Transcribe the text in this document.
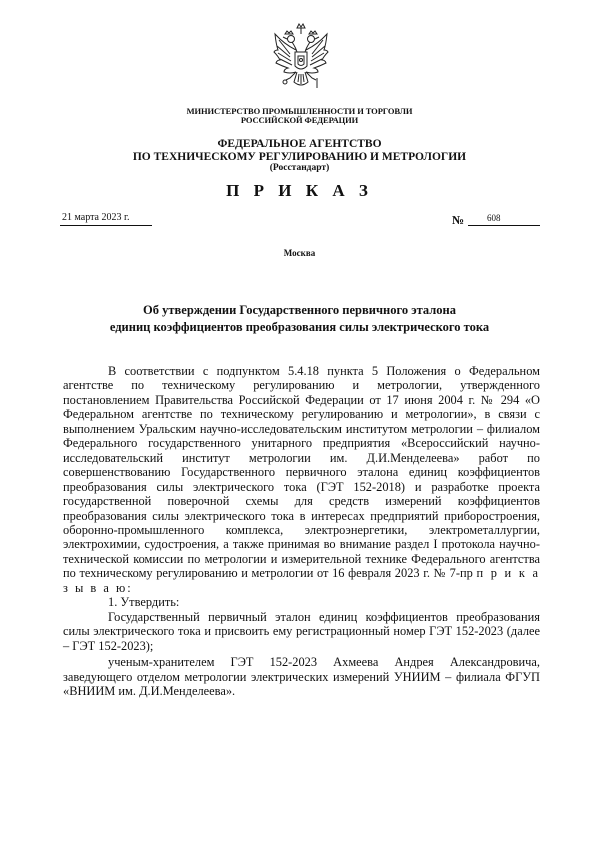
МИНИСТЕРСТВО ПРОМЫШЛЕННОСТИ И ТОРГОВЛИ
РОССИЙСКОЙ ФЕДЕРАЦИИ
ФЕДЕРАЛЬНОЕ АГЕНТСТВО
ПО ТЕХНИЧЕСКОМУ РЕГУЛИРОВАНИЮ И МЕТРОЛОГИИ
(Росстандарт)
П Р И К А З
21 марта 2023 г.	№	608
Москва
Об утверждении Государственного первичного эталона
единиц коэффициентов преобразования силы электрического тока

В соответствии с подпунктом 5.4.18 пункта 5 Положения о Федеральном агентстве по техническому регулированию и метрологии, утвержденного постановлением Правительства Российской Федерации от 17 июня 2004 г. № 294 «О Федеральном агентстве по техническому регулированию и метрологии», в связи с выполнением Уральским научно-исследовательским институтом метрологии – филиалом Федерального государственного унитарного предприятия «Всероссийский научно-исследовательский институт метрологии им. Д.И.Менделеева» работ по совершенствованию Государственного первичного эталона единиц коэффициентов преобразования силы электрического тока (ГЭТ 152-2018) и разработке проекта государственной поверочной схемы для средств измерений коэффициентов преобразования силы электрического тока в интересах предприятий приборостроения, оборонно-промышленного комплекса, электроэнергетики, электрометаллургии, электрохимии, судостроения, а также принимая во внимание раздел I протокола научно-технической комиссии по метрологии и измерительной технике Федерального агентства по техническому регулированию и метрологии от 16 февраля 2023 г. № 7-пр п р и к а з ы в а ю:

1. Утвердить:

Государственный первичный эталон единиц коэффициентов преобразования силы электрического тока и присвоить ему регистрационный номер ГЭТ 152-2023 (далее – ГЭТ 152-2023);

ученым-хранителем ГЭТ 152-2023 Ахмеева Андрея Александровича, заведующего отделом метрологии электрических измерений УНИИМ – филиала ФГУП «ВНИИМ им. Д.И.Менделеева».
